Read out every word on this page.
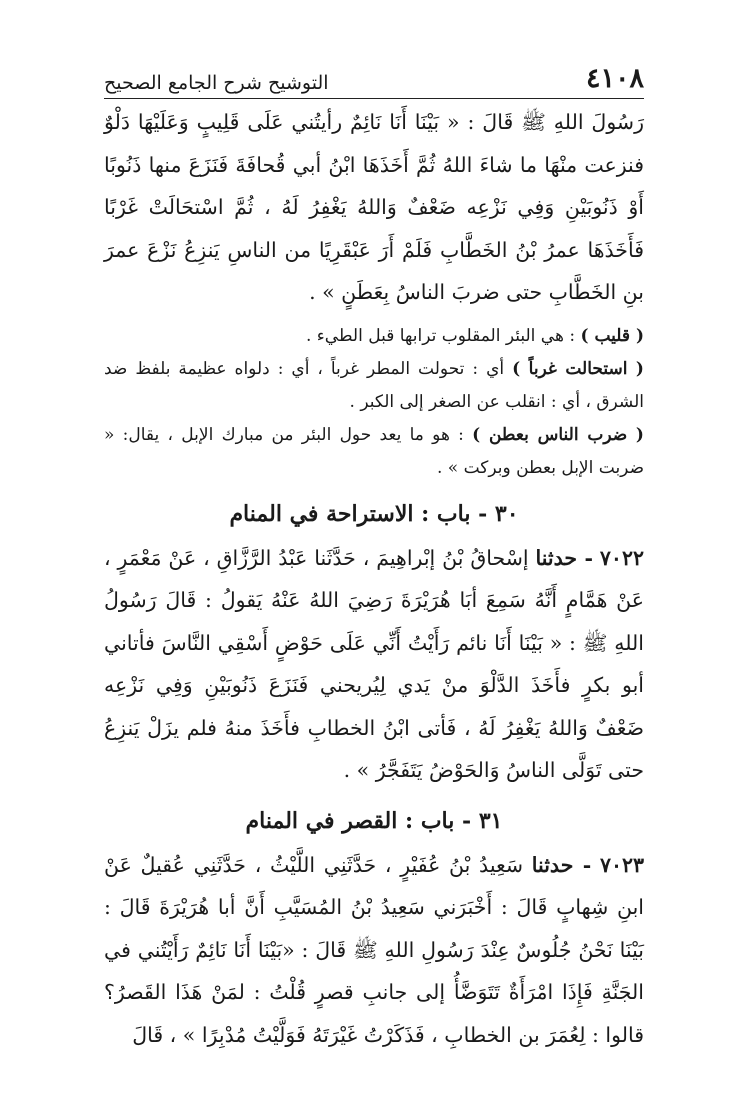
٤١٠٨
التوشيح شرح الجامع الصحيح

رَسُولَ اللهِ ﷺ قَالَ : « بَيْنَا أَنَا نَائِمٌ رأيتُني عَلَى قَلِيبٍ وَعَلَيْهَا دَلْوٌ فنزعت منْهَا ما شاءَ اللهُ ثُمَّ أَخَذَهَا ابْنُ أبي قُحافَةَ فَنَزَعَ منها ذَنُوبًا أَوْ ذَنُوبَيْنِ وَفِي نَزْعِه ضَعْفٌ وَاللهُ يَغْفِرُ لَهُ ، ثُمَّ اسْتحَالَتْ غَرْبًا فَأَخَذَهَا عمرُ بْنُ الخَطَّابِ فَلَمْ أَرَ عَبْقَرِيًا من الناسِ يَنزِعُ نَزْعَ عمرَ بنِ الخَطَّابِ حتى ضربَ الناسُ بِعَطَنٍ » .

( قليب ) : هي البئر المقلوب ترابها قبل الطيء .

( استحالت غرباً ) أي : تحولت المطر غرباً ، أي : دلواه عظيمة بلفظ ضد الشرق ، أي : انقلب عن الصغر إلى الكبر .

( ضرب الناس بعطن ) : هو ما يعد حول البئر من مبارك الإبل ، يقال: « ضربت الإبل بعطن وبركت » .

٣٠ - باب : الاستراحة في المنام

٧٠٢٢ - حدثنا إسْحاقُ بْنُ إبْراهِيمَ ، حَدَّثَنا عَبْدُ الرَّزَّاقِ ، عَنْ مَعْمَرٍ ، عَنْ هَمَّامٍ أَنَّهُ سَمِعَ أبَا هُرَيْرَةَ رَضِيَ اللهُ عَنْهُ يَقولُ : قَالَ رَسُولُ اللهِ ﷺ : « بَيْنَا أَنَا نائم رَأَيْتُ أَنِّي عَلَى حَوْضٍ أَسْقِي النَّاسَ فأتاني أبو بكرٍ فأَخَذَ الدَّلْوَ منْ يَدي لِيُريحني فَنَزَعَ ذَنُوبَيْنِ وَفِي نَزْعِه ضَعْفٌ وَاللهُ يَغْفِرُ لَهُ ، فَأتى ابْنُ الخطابِ فأَخَذَ منهُ فلم يزَلْ يَنزِعُ حتى تَوَلَّى الناسُ وَالحَوْضُ يَتَفَجَّرُ » .

٣١ - باب : القصر في المنام

٧٠٢٣ - حدثنا سَعِيدُ بْنُ عُفَيْرٍ ، حَدَّثَنِي اللَّيْثُ ، حَدَّثَنِي عُقيلٌ عَنْ ابنِ شِهابٍ قَالَ : أَخْبَرَني سَعِيدُ بْنُ المُسَيَّبِ أَنَّ أبا هُرَيْرَةَ قَالَ : بَيْنَا نَحْنُ جُلُوسٌ عِنْدَ رَسُولِ اللهِ ﷺ قَالَ : «بَيْنَا أَنَا نَائِمٌ رَأَيْتُني في الجَنَّةِ فَإِذَا امْرَأَةٌ تَتَوَضَّأُ إلى جانبِ قصرٍ قُلْتُ : لمَنْ هَذَا القَصرُ؟ قالوا : لِعُمَرَ بن الخطابِ ، فَذَكَرْتُ غَيْرَتَهُ فَوَلَّيْتُ مُدْبِرًا » ، قَالَ
